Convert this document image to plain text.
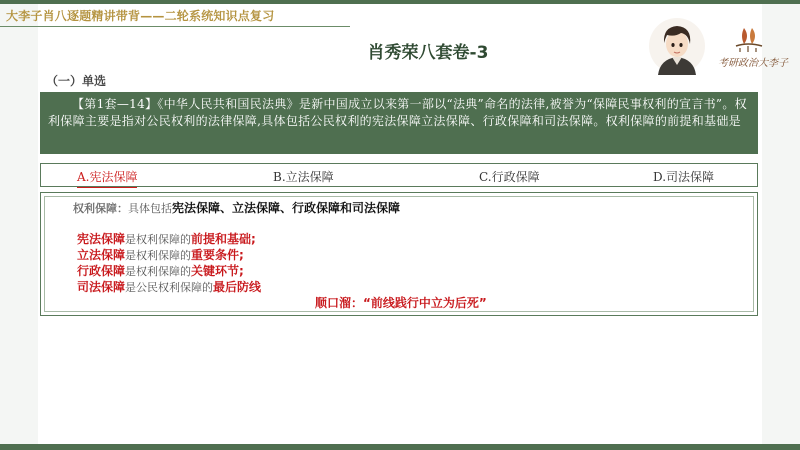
大李子肖八逐题精讲带背——二轮系统知识点复习
肖秀荣八套卷-3
考研政治大李子
（一）单选
【第1套—14】《中华人民共和国民法典》是新中国成立以来第一部以“法典”命名的法律,被誉为“保障民事权利的宣言书”。权利保障主要是指对公民权利的法律保障,具体包括公民权利的宪法保障立法保障、行政保障和司法保障。权利保障的前提和基础是
A.宪法保障	B.立法保障	C.行政保障	D.司法保障
权利保障：具体包括宪法保障、立法保障、行政保障和司法保障
宪法保障是权利保障的前提和基础;
立法保障是权利保障的重要条件;
行政保障是权利保障的关键环节;
司法保障是公民权利保障的最后防线
顺口溜：“前线践行中立为后死”
